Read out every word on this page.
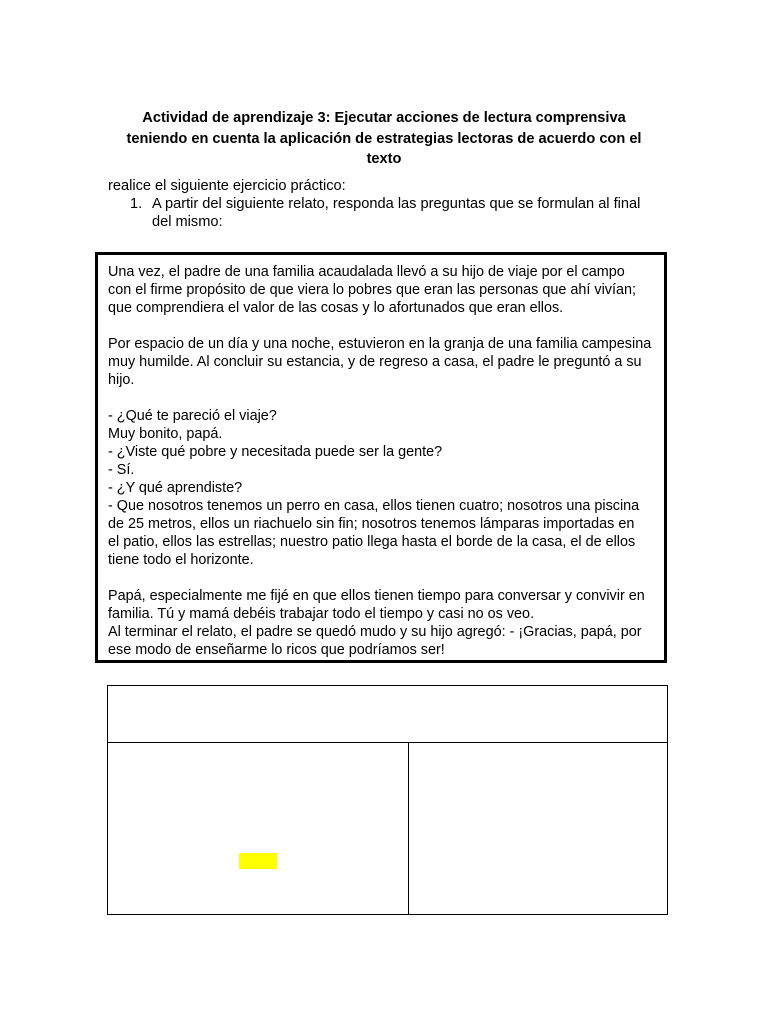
Actividad de aprendizaje 3: Ejecutar acciones de lectura comprensiva
teniendo en cuenta la aplicación de estrategias lectoras de acuerdo con el
texto
realice el siguiente ejercicio práctico:
1. A partir del siguiente relato, responda las preguntas que se formulan al final
del mismo:
Una vez, el padre de una familia acaudalada llevó a su hijo de viaje por el campo
con el firme propósito de que viera lo pobres que eran las personas que ahí vivían;
que comprendiera el valor de las cosas y lo afortunados que eran ellos.
Por espacio de un día y una noche, estuvieron en la granja de una familia campesina
muy humilde. Al concluir su estancia, y de regreso a casa, el padre le preguntó a su
hijo.
- ¿Qué te pareció el viaje?
Muy bonito, papá.
- ¿Viste qué pobre y necesitada puede ser la gente?
- Sí.
- ¿Y qué aprendiste?
- Que nosotros tenemos un perro en casa, ellos tienen cuatro; nosotros una piscina
de 25 metros, ellos un riachuelo sin fin; nosotros tenemos lámparas importadas en
el patio, ellos las estrellas; nuestro patio llega hasta el borde de la casa, el de ellos
tiene todo el horizonte.
Papá, especialmente me fijé en que ellos tienen tiempo para conversar y convivir en
familia. Tú y mamá debéis trabajar todo el tiempo y casi no os veo.
Al terminar el relato, el padre se quedó mudo y su hijo agregó: - ¡Gracias, papá, por
ese modo de enseñarme lo ricos que podríamos ser!
